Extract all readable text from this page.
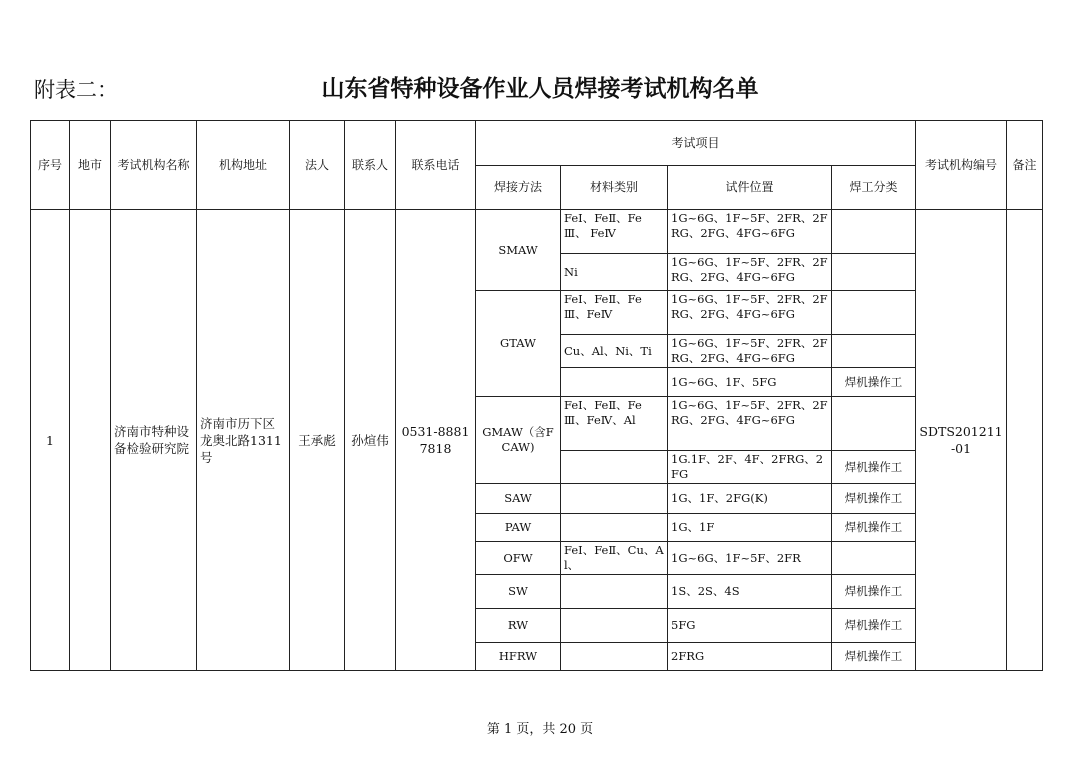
附表二：	山东省特种设备作业人员焊接考试机构名单
序号	地市	考试机构名称	机构地址	法人	联系人	联系电话	考试项目				考试机构编号	备注
							焊接方法	材料类别	试件位置	焊工分类		
1		济南市特种设备检验研究院	济南市历下区龙奥北路1311号	王承彪	孙煊伟	0531-88817818	SMAW	FeⅠ、FeⅡ、FeⅢ、 FeⅣ	1G~6G、1F~5F、2FR、2FRG、2FG、4FG~6FG		SDTS201211-01	
								Ni	1G~6G、1F~5F、2FR、2FRG、2FG、4FG~6FG			
							GTAW	FeⅠ、FeⅡ、FeⅢ、FeⅣ	1G~6G、1F~5F、2FR、2FRG、2FG、4FG~6FG			
								Cu、Al、Ni、Ti	1G~6G、1F~5F、2FR、2FRG、2FG、4FG~6FG			
									1G~6G、1F、5FG	焊机操作工		
							GMAW（含FCAW)	FeⅠ、FeⅡ、FeⅢ、FeⅣ、Al	1G~6G、1F~5F、2FR、2FRG、2FG、4FG~6FG			
									1G.1F、2F、4F、2FRG、2FG	焊机操作工		
							SAW		1G、1F、2FG(K)	焊机操作工		
							PAW		1G、1F	焊机操作工		
							OFW	FeⅠ、FeⅡ、Cu、Al、	1G~6G、1F~5F、2FR			
							SW		1S、2S、4S	焊机操作工		
							RW		5FG	焊机操作工		
							HFRW		2FRG	焊机操作工		
第 1 页，共 20 页
